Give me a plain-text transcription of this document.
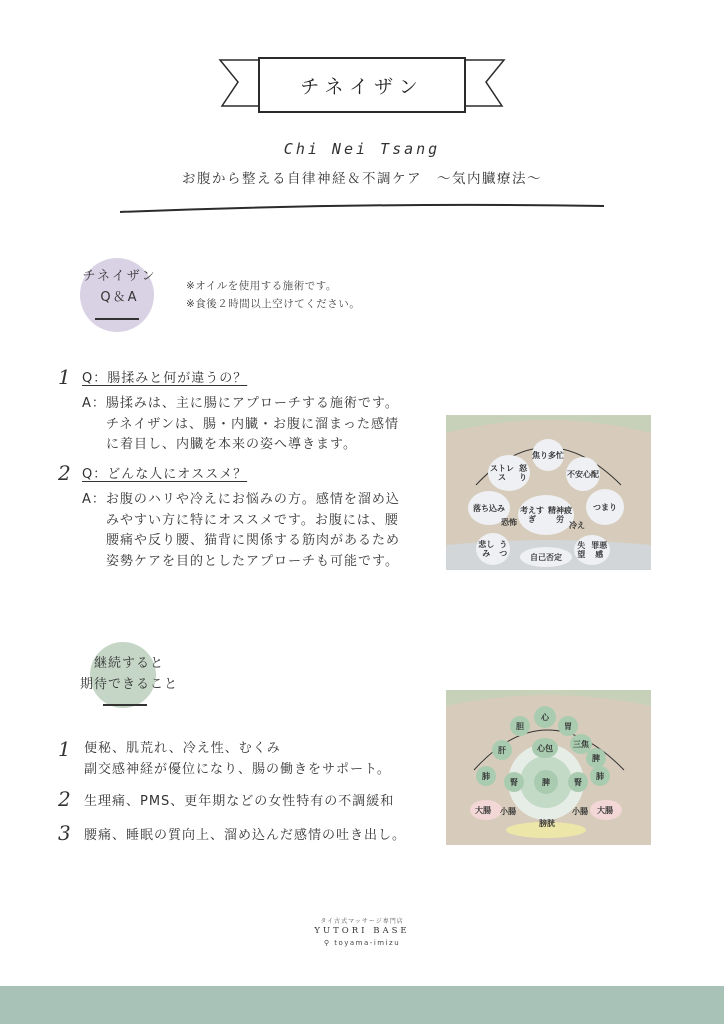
チネイザン
Chi Nei Tsang
お腹から整える自律神経＆不調ケア　〜気内臓療法〜
チネイザン
Q＆A
※オイルを使用する施術です。
※食後２時間以上空けてください。
1 Q：腸揉みと何が違うの？
A：腸揉みは、主に腸にアプローチする施術です。
チネイザンは、腸・内臓・お腹に溜まった感情
に着目し、内臓を本来の姿へ導きます。
2 Q：どんな人にオススメ？
A：お腹のハリや冷えにお悩みの方。感情を溜め込
みやすい方に特にオススメです。お腹には、腰
腰痛や反り腰、猫背に関係する筋肉があるため
姿勢ケアを目的としたアプローチも可能です。
焦り 多忙
ストレス

怒り	不安 心配
落ち込み 考えすぎ

精神疲労
つまり
恐怖	冷え
悲しみ

うつ	自己否定
失望

罪悪感
継続すると
期待できること
1 便秘、肌荒れ、冷え性、むくみ
副交感神経が優位になり、腸の働きをサポート。
2 生理痛、PMS、更年期などの女性特有の不調緩和
3 腰痛、睡眠の質向上、溜め込んだ感情の吐き出し。
心
胆	胃
三焦
肝	心包
脾
肺
腎	脾	腎
肺
大腸 小腸
膀胱
小腸 大腸
タイ古式マッサージ専門店
YUTORI BASE
⚲ toyama-imizu
